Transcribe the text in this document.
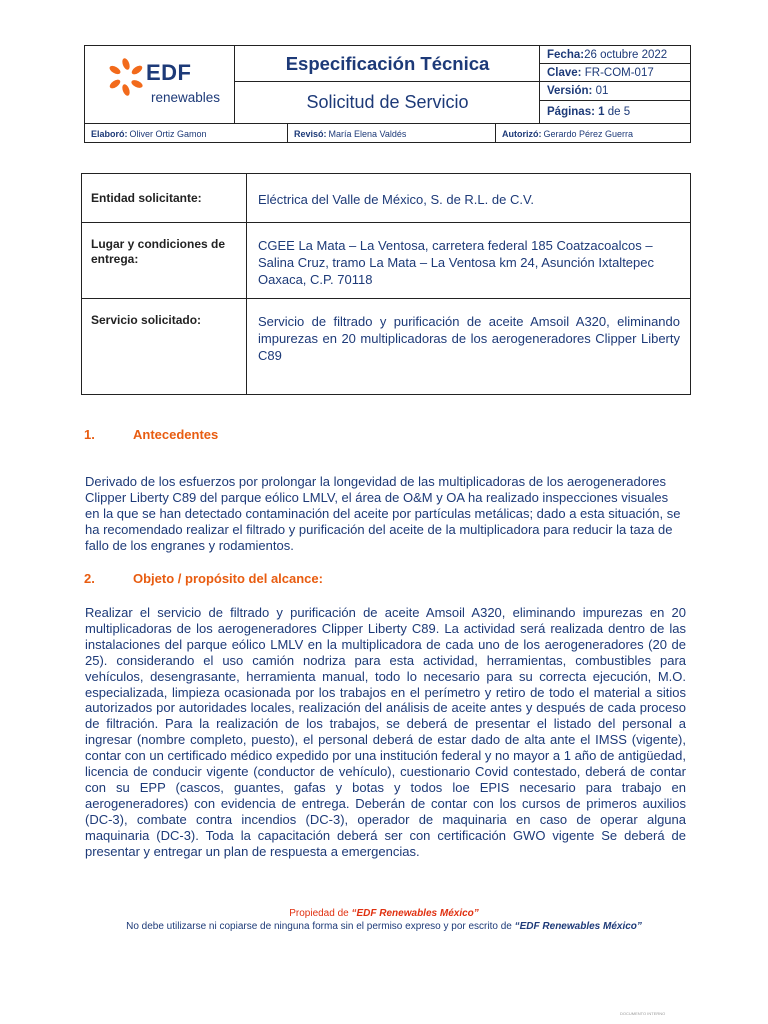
EDF
renewables
Especificación Técnica
Solicitud de Servicio
Fecha: 26 octubre 2022
Clave:
FR-COM-017
Versión:
01
Páginas:
1
de 5
Elaboró: Oliver Ortiz Gamon	Revisó: María Elena Valdés	Autorizó: Gerardo Pérez Guerra
Entidad solicitante:	Eléctrica del Valle de México, S. de R.L. de C.V.
Lugar y condiciones de entrega:
CGEE La Mata – La Ventosa, carretera federal 185 Coatzacoalcos – Salina Cruz, tramo La Mata – La Ventosa km 24, Asunción Ixtaltepec Oaxaca, C.P. 70118
Servicio solicitado:	Servicio de filtrado y purificación de aceite Amsoil A320, eliminando impurezas en 20 multiplicadoras de los aerogeneradores Clipper Liberty C89
1.	Antecedentes
Derivado de los esfuerzos por prolongar la longevidad de las multiplicadoras de los aerogeneradores Clipper Liberty C89 del parque eólico LMLV, el área de O&M y OA ha realizado inspecciones visuales en la que se han detectado contaminación del aceite por partículas metálicas; dado a esta situación, se ha recomendado realizar el filtrado y purificación del aceite de la multiplicadora para reducir la taza de fallo de los engranes y rodamientos.
2.	Objeto / propósito del alcance:
Realizar el servicio de filtrado y purificación de aceite Amsoil A320, eliminando impurezas en 20 multiplicadoras de los aerogeneradores Clipper Liberty C89. La actividad será realizada dentro de las instalaciones del parque eólico LMLV en la multiplicadora de cada uno de los aerogeneradores (20 de 25). considerando el uso camión nodriza para esta actividad, herramientas, combustibles para vehículos, desengrasante, herramienta manual, todo lo necesario para su correcta ejecución, M.O. especializada, limpieza ocasionada por los trabajos en el perímetro y retiro de todo el material a sitios autorizados por autoridades locales, realización del análisis de aceite antes y después de cada proceso de filtración. Para la realización de los trabajos, se deberá de presentar el listado del personal a ingresar (nombre completo, puesto), el personal deberá de estar dado de alta ante el IMSS (vigente), contar con un certificado médico expedido por una institución federal y no mayor a 1 año de antigüedad, licencia de conducir vigente (conductor de vehículo), cuestionario Covid contestado, deberá de contar con su EPP (cascos, guantes, gafas y botas y todos loe EPIS necesario para trabajo en aerogeneradores) con evidencia de entrega. Deberán de contar con los cursos de primeros auxilios (DC-3), combate contra incendios (DC-3), operador de maquinaria en caso de operar alguna maquinaria (DC-3). Toda la capacitación deberá ser con certificación GWO vigente Se deberá de presentar y entregar un plan de respuesta a emergencias.
Propiedad de “EDF Renewables México”
No debe utilizarse ni copiarse de ninguna forma sin el permiso expreso y por escrito de “EDF Renewables México”
DOCUMENTO INTERNO
